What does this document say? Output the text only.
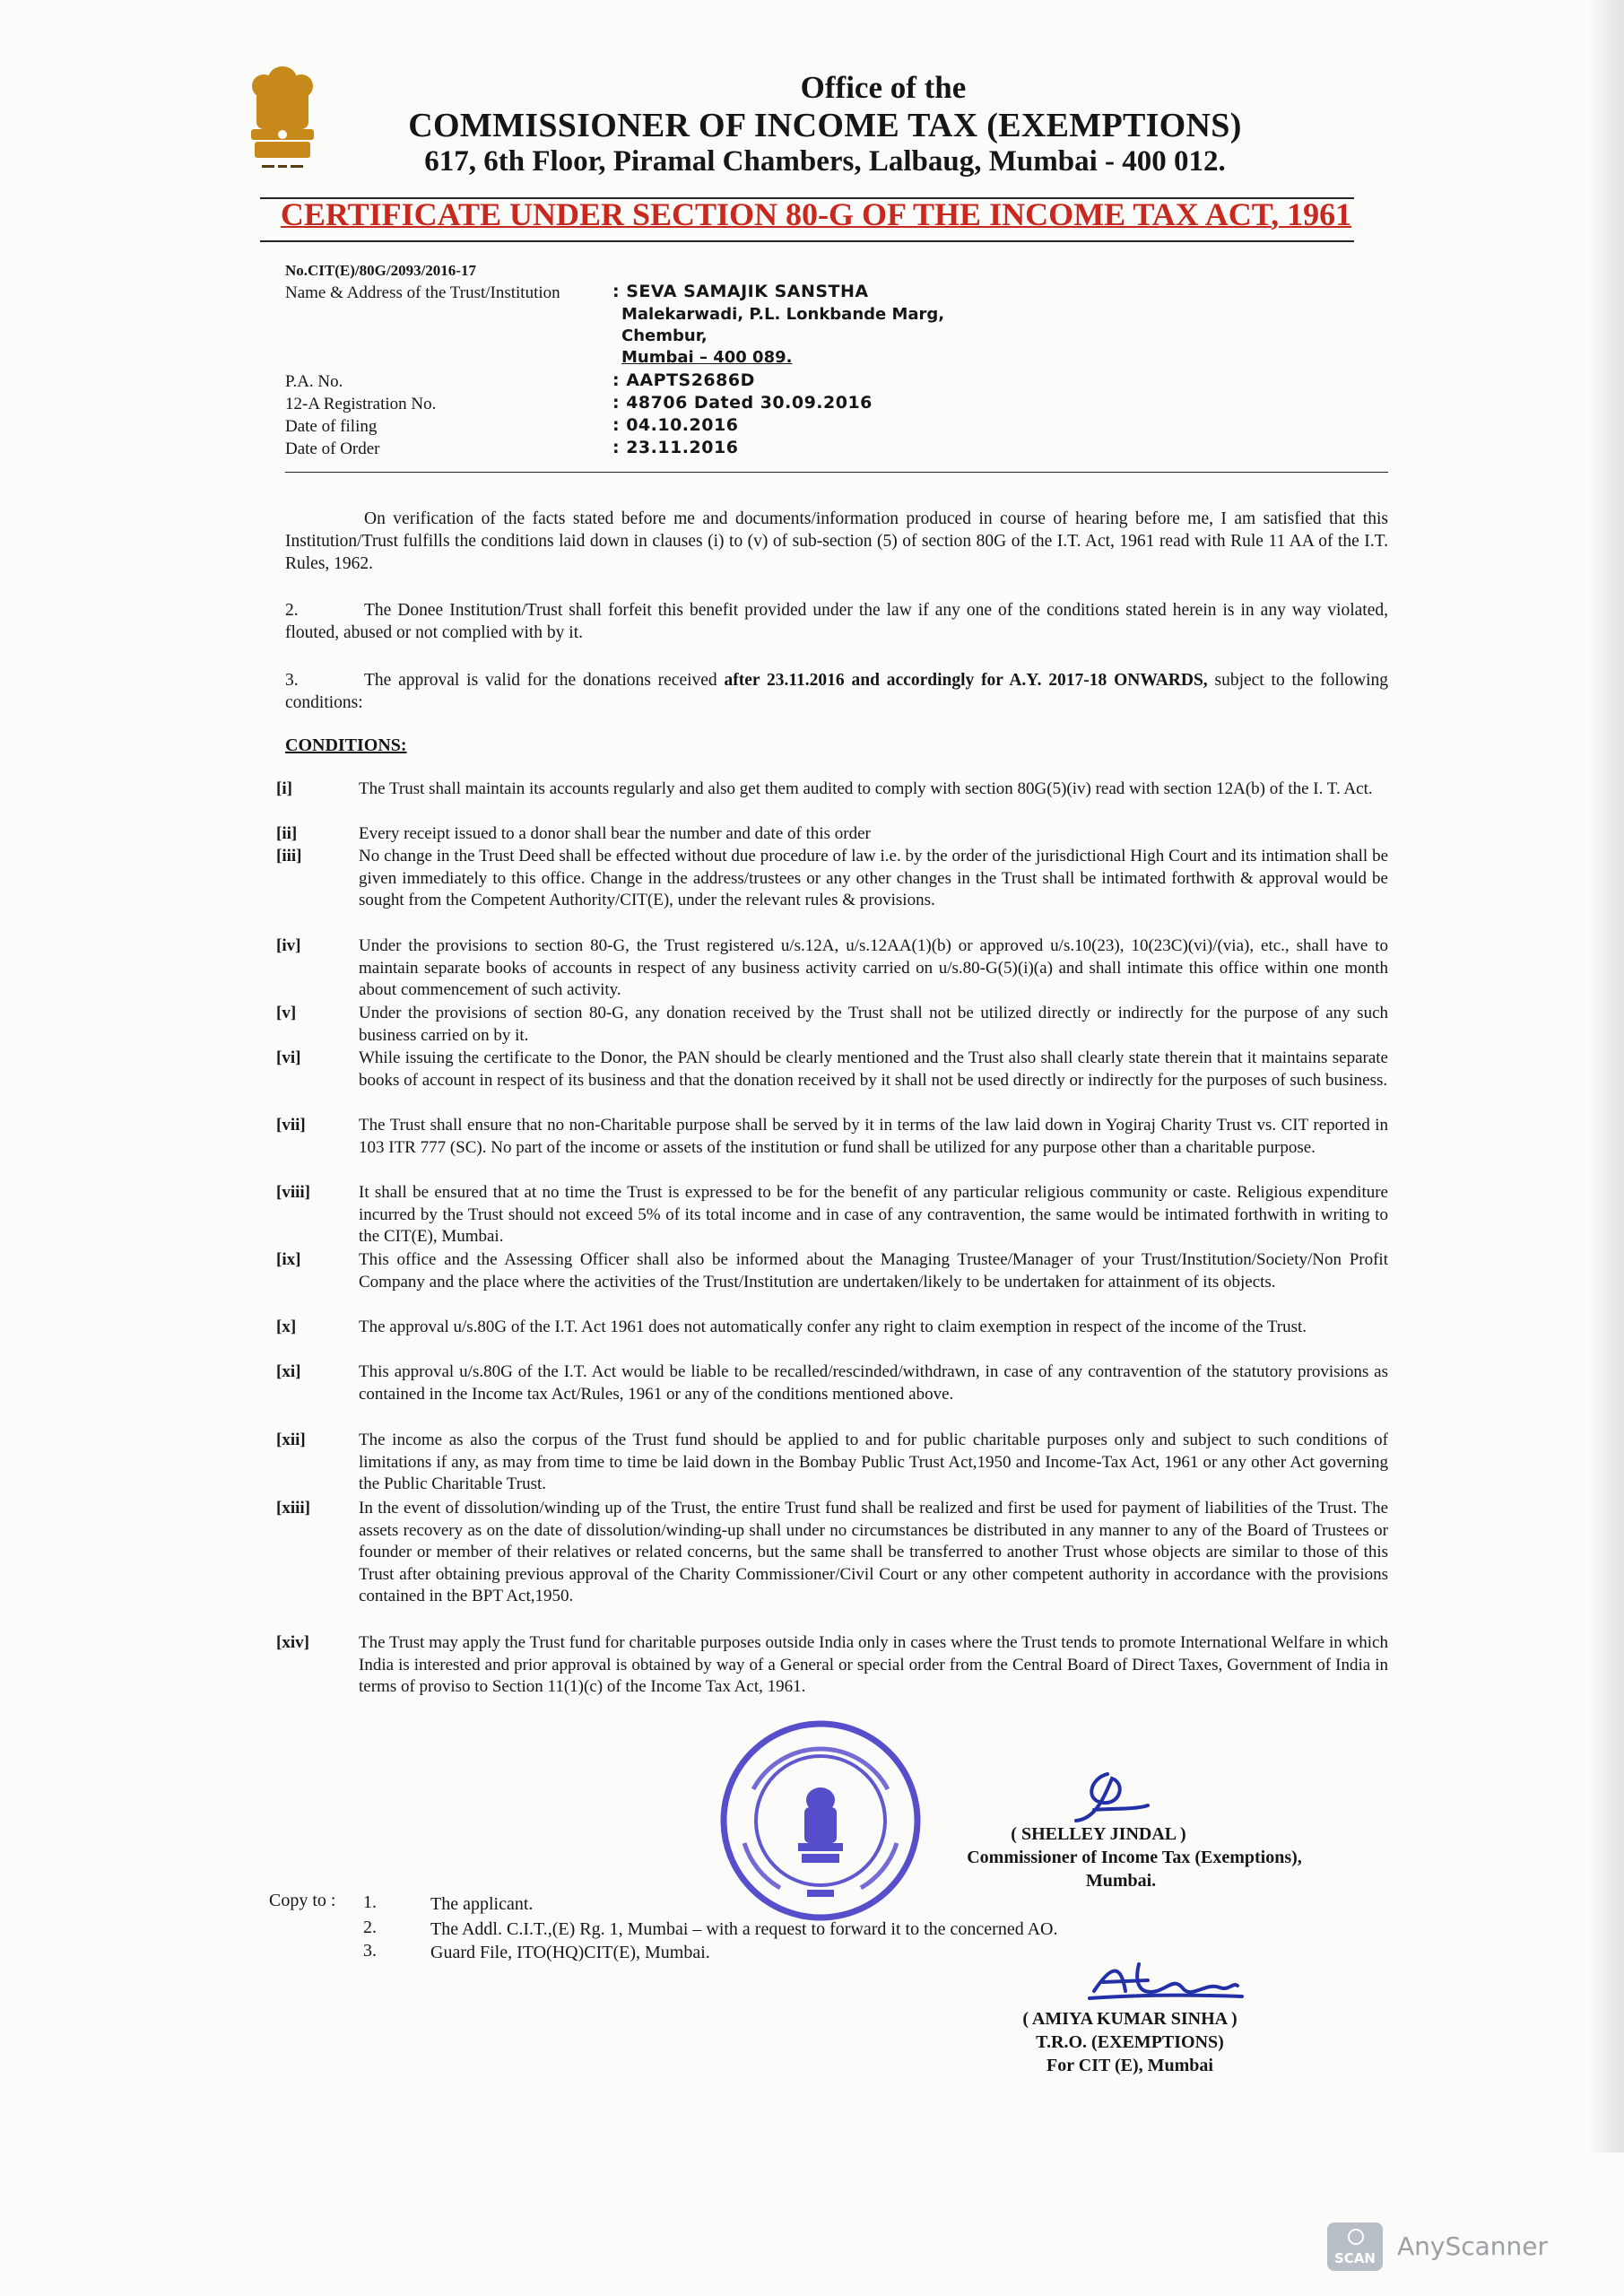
Office of the
COMMISSIONER OF INCOME TAX (EXEMPTIONS)
617, 6th Floor, Piramal Chambers, Lalbaug, Mumbai - 400 012.
CERTIFICATE UNDER SECTION 80-G OF THE INCOME TAX ACT, 1961
No.CIT(E)/80G/2093/2016-17
Name & Address of the Trust/Institution	: SEVA SAMAJIK SANSTHA
Malekarwadi, P.L. Lonkbande Marg,
Chembur,
Mumbai – 400 089.
P.A. No.	: AAPTS2686D
12-A Registration No.	: 48706 Dated 30.09.2016
Date of filing	: 04.10.2016
Date of Order	: 23.11.2016
On verification of the facts stated before me and documents/information produced in course of hearing before me, I am satisfied that this Institution/Trust fulfills the conditions laid down in clauses (i) to (v) of sub-section (5) of section 80G of the I.T. Act, 1961 read with Rule 11 AA of the I.T. Rules, 1962.
2.	The Donee Institution/Trust shall forfeit this benefit provided under the law if any one of the conditions stated herein is in any way violated, flouted, abused or not complied with by it.
3.	The approval is valid for the donations received after 23.11.2016 and accordingly for A.Y. 2017-18 ONWARDS, subject to the following conditions:
CONDITIONS:
[i]	The Trust shall maintain its accounts regularly and also get them audited to comply with section 80G(5)(iv) read with section 12A(b) of the I. T. Act.
[ii]	Every receipt issued to a donor shall bear the number and date of this order
[iii]	No change in the Trust Deed shall be effected without due procedure of law i.e. by the order of the jurisdictional High Court and its intimation shall be given immediately to this office. Change in the address/trustees or any other changes in the Trust shall be intimated forthwith & approval would be sought from the Competent Authority/CIT(E), under the relevant rules & provisions.
[iv]	Under the provisions to section 80-G, the Trust registered u/s.12A, u/s.12AA(1)(b) or approved u/s.10(23), 10(23C)(vi)/(via), etc., shall have to maintain separate books of accounts in respect of any business activity carried on u/s.80-G(5)(i)(a) and shall intimate this office within one month about commencement of such activity.
[v]	Under the provisions of section 80-G, any donation received by the Trust shall not be utilized directly or indirectly for the purpose of any such business carried on by it.
[vi]	While issuing the certificate to the Donor, the PAN should be clearly mentioned and the Trust also shall clearly state therein that it maintains separate books of account in respect of its business and that the donation received by it shall not be used directly or indirectly for the purposes of such business.
[vii]	The Trust shall ensure that no non-Charitable purpose shall be served by it in terms of the law laid down in Yogiraj Charity Trust vs. CIT reported in 103 ITR 777 (SC). No part of the income or assets of the institution or fund shall be utilized for any purpose other than a charitable purpose.
[viii]	It shall be ensured that at no time the Trust is expressed to be for the benefit of any particular religious community or caste. Religious expenditure incurred by the Trust should not exceed 5% of its total income and in case of any contravention, the same would be intimated forthwith in writing to the CIT(E), Mumbai.
[ix]	This office and the Assessing Officer shall also be informed about the Managing Trustee/Manager of your Trust/Institution/Society/Non Profit Company and the place where the activities of the Trust/Institution are undertaken/likely to be undertaken for attainment of its objects.
[x]	The approval u/s.80G of the I.T. Act 1961 does not automatically confer any right to claim exemption in respect of the income of the Trust.
[xi]	This approval u/s.80G of the I.T. Act would be liable to be recalled/rescinded/withdrawn, in case of any contravention of the statutory provisions as contained in the Income tax Act/Rules, 1961 or any of the conditions mentioned above.
[xii]	The income as also the corpus of the Trust fund should be applied to and for public charitable purposes only and subject to such conditions of limitations if any, as may from time to time be laid down in the Bombay Public Trust Act,1950 and Income-Tax Act, 1961 or any other Act governing the Public Charitable Trust.
[xiii]	In the event of dissolution/winding up of the Trust, the entire Trust fund shall be realized and first be used for payment of liabilities of the Trust. The assets recovery as on the date of dissolution/winding-up shall under no circumstances be distributed in any manner to any of the Board of Trustees or founder or member of their relatives or related concerns, but the same shall be transferred to another Trust whose objects are similar to those of this Trust after obtaining previous approval of the Charity Commissioner/Civil Court or any other competent authority in accordance with the provisions contained in the BPT Act,1950.
[xiv]	The Trust may apply the Trust fund for charitable purposes outside India only in cases where the Trust tends to promote International Welfare in which India is interested and prior approval is obtained by way of a General or special order from the Central Board of Direct Taxes, Government of India in terms of proviso to Section 11(1)(c) of the Income Tax Act, 1961.
( SHELLEY JINDAL )
Commissioner of Income Tax (Exemptions),
Mumbai.
Copy to : 1.	The applicant.
2.	The Addl. C.I.T.,(E) Rg. 1, Mumbai – with a request to forward it to the concerned AO.
3.	Guard File, ITO(HQ)CIT(E), Mumbai.
( AMIYA KUMAR SINHA )
T.R.O. (EXEMPTIONS)
For CIT (E), Mumbai
SCAN AnyScanner
